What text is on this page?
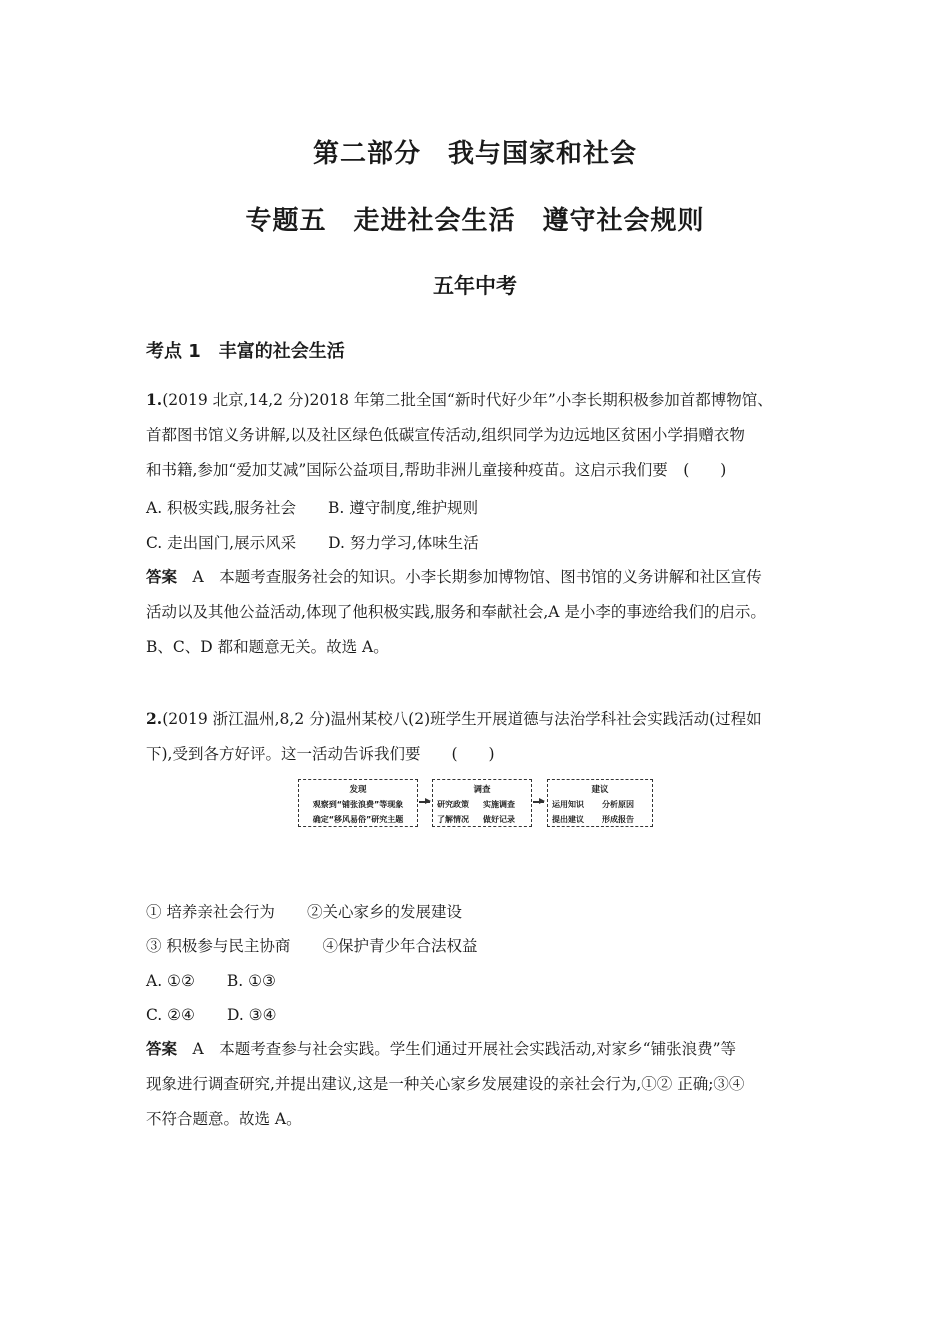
第二部分　我与国家和社会
专题五　走进社会生活　遵守社会规则
五年中考
考点 1　丰富的社会生活
1.(2019 北京,14,2 分)2018 年第二批全国“新时代好少年”小李长期积极参加首都博物馆、
首都图书馆义务讲解,以及社区绿色低碳宣传活动,组织同学为边远地区贫困小学捐赠衣物
和书籍,参加“爱加艾减”国际公益项目,帮助非洲儿童接种疫苗。这启示我们要　(　　)
A. 积极实践,服务社会 B. 遵守制度,维护规则
C. 走出国门,展示风采 D. 努力学习,体味生活
答案　 A　本题考查服务社会的知识。小李长期参加博物馆、图书馆的义务讲解和社区宣传
活动以及其他公益活动,体现了他积极实践,服务和奉献社会,A 是小李的事迹给我们的启示。
B、C、D 都和题意无关。故选 A。
2.(2019 浙江温州,8,2 分)温州某校八(2)班学生开展道德与法治学科社会实践活动(过程如
下),受到各方好评。这一活动告诉我们要　　(　　)
发现
观察到“铺张浪费”等现象
确定“移风易俗”研究主题
调查
研究政策 实施调查
了解情况 做好记录
建议
运用知识 分析原因
提出建议 形成报告
① 培养亲社会行为 ②关心家乡的发展建设
③ 积极参与民主协商 ④保护青少年合法权益
A. ①② B. ①③
C. ②④ D. ③④
答案　 A　本题考查参与社会实践。学生们通过开展社会实践活动,对家乡“铺张浪费”等
现象进行调查研究,并提出建议,这是一种关心家乡发展建设的亲社会行为,①② 正确;③④
不符合题意。故选 A。
